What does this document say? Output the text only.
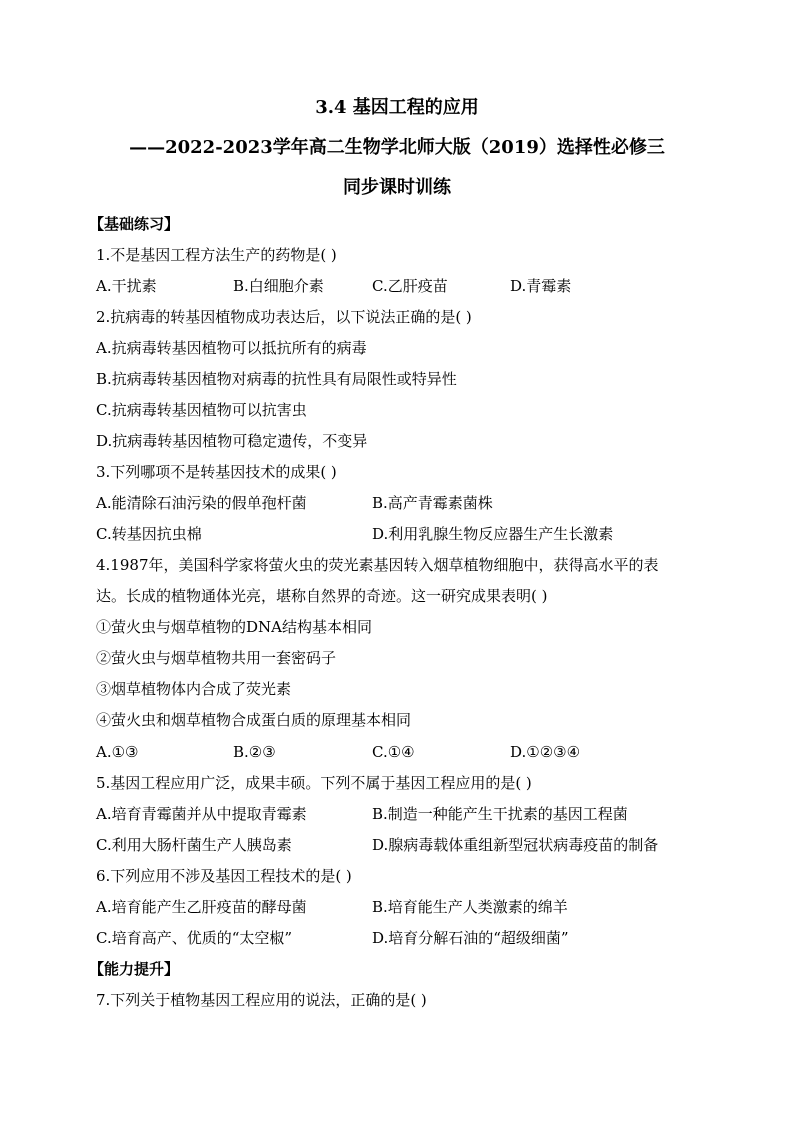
3.4 基因工程的应用
——2022-2023学年高二生物学北师大版（2019）选择性必修三
同步课时训练
【基础练习】
1.不是基因工程方法生产的药物是( )
A.干扰素	B.白细胞介素	C.乙肝疫苗	D.青霉素
2.抗病毒的转基因植物成功表达后，以下说法正确的是( )
A.抗病毒转基因植物可以抵抗所有的病毒
B.抗病毒转基因植物对病毒的抗性具有局限性或特异性
C.抗病毒转基因植物可以抗害虫
D.抗病毒转基因植物可稳定遗传，不变异
3.下列哪项不是转基因技术的成果( )
A.能清除石油污染的假单孢杆菌	B.高产青霉素菌株
C.转基因抗虫棉	D.利用乳腺生物反应器生产生长激素
4.1987年，美国科学家将萤火虫的荧光素基因转入烟草植物细胞中，获得高水平的表
达。长成的植物通体光亮，堪称自然界的奇迹。这一研究成果表明( )
①萤火虫与烟草植物的DNA结构基本相同
②萤火虫与烟草植物共用一套密码子
③烟草植物体内合成了荧光素
④萤火虫和烟草植物合成蛋白质的原理基本相同
A.①③	B.②③	C.①④	D.①②③④
5.基因工程应用广泛，成果丰硕。下列不属于基因工程应用的是( )
A.培育青霉菌并从中提取青霉素	B.制造一种能产生干扰素的基因工程菌
C.利用大肠杆菌生产人胰岛素	D.腺病毒载体重组新型冠状病毒疫苗的制备
6.下列应用不涉及基因工程技术的是( )
A.培育能产生乙肝疫苗的酵母菌	B.培育能生产人类激素的绵羊
C.培育高产、优质的“太空椒”	D.培育分解石油的“超级细菌”
【能力提升】
7.下列关于植物基因工程应用的说法，正确的是( )
